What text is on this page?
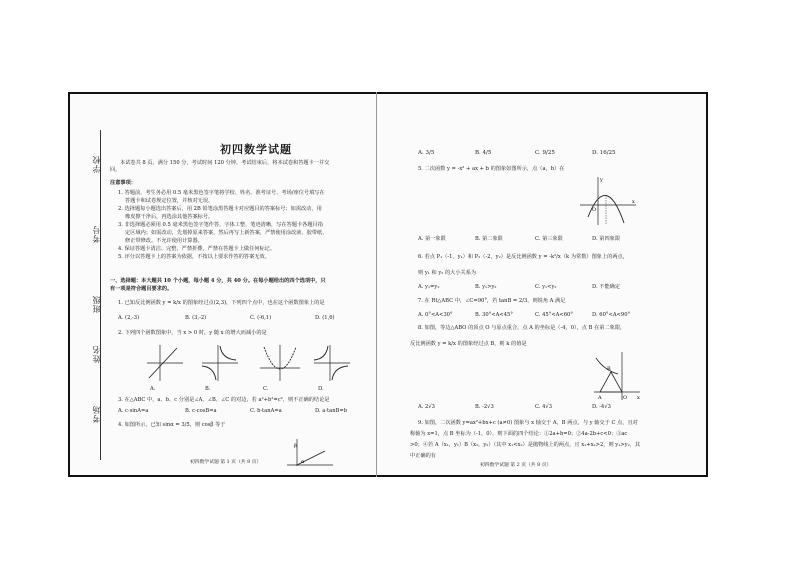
学校
考号
班级
姓名
考场
初四数学试题
本试卷共 8 页，满分 150 分，考试时间 120 分钟。考试结束后，将本试卷和答题卡一并交
回。
注意事项：
1. 答题前，考生务必用 0.5 毫米黑色签字笔将学校、姓名、准考证号、考场/座位号填写在
答题卡和试卷规定位置，并核对无误。
2. 选择题每小题选出答案后，用 2B 铅笔涂黑答题卡对应题目的答案标号；如需改动，用
橡皮擦干净后，再选涂其他答案标号。
3. 非选择题必须用 0.5 毫米黑色签字笔作答，字体工整、笔迹清晰，写在答题卡各题目指
定区域内；如需改动，先划掉原来答案，然后再写上新答案，严禁使用涂改液、胶带纸、
修正带修改。不允许使用计算器。
4. 保证答题卡清洁、完整，严禁折叠，严禁在答题卡上做任何标记。
5. 评分以答题卡上的答案为依据，不按以上要求作答的答案无效。
一、选择题：本大题共 10 个小题，每小题 4 分，共 40 分。在每小题给出的四个选项中，只
有一项是符合题目要求的。
1. 已知反比例函数 y = k/x 的图象经过点(2,3)，下列四个点中，也在这个函数图象上的是
A. (2,-3)	B. (3,-2)	C. (-6,1)	D. (1,6)
2. 下列四个函数图象中，当 x > 0 时，y 随 x 的增大而减小的是
A.	B.	C.	D.
3. 在△ABC 中，a、b、c 分别是∠A、∠B、∠C 的对边，若 a²+b²=c²，则不正确的结论是
A. c·sinA=a	B. c·cosB=a	C. b·tanA=a	D. a·tanB=b
4. 如图所示，已知 sinα = 3/5，则 cosβ 等于
α
β
初四数学试题 第 1 页（共 8 页）
A. 3/5	B. 4/5	C. 9/25	D. 16/25
5. 二次函数 y = -x² + ax + b 的图象如图所示，点（a，b）在
O
x
y
A. 第一象限	B. 第二象限	C. 第三象限	D. 第四象限
6. 若点 P₁（-1，y₁）和 P₂（-2，y₂）是反比例函数 y = -k²/x（k 为常数）图象上的两点，
则 y₁ 和 y₂ 的大小关系为
A. y₁=y₂	B. y₁>y₂	C. y₁<y₂	D. 不能确定
7. 在 Rt△ABC 中，∠C=90°，若 tanB = 2/3，则锐角 A 满足
A. 0°<A<30°	B. 30°<A<45°	C. 45°<A<60°	D. 60°<A<90°
8. 如图，等边△ABO 的顶点 O 与原点重合，点 A 的坐标是（-4，0），点 B 在第二象限，
反比例函数 y = k/x 的图象经过点 B，则 k 的值是
B
A	O x
A. 2√3	B. -2√3	C. 4√3	D. -4√3
9. 如图，二次函数 y=ax²+bx+c (a≠0) 图象与 x 轴交于 A，B 两点，与 y 轴交于 C 点，且对
称轴为 x=1，点 B 坐标为（-1，0），则下面的四个结论：①2a+b=0；②4a-2b+c<0；③ac
>0；④若 A（x₁，y₁）B（x₂，y₂）（其中 x₁<x₂）是抛物线上的两点，且 x₁+x₂>2，则 y₁>y₂，其
中正确的有
初四数学试题 第 2 页（共 8 页）
